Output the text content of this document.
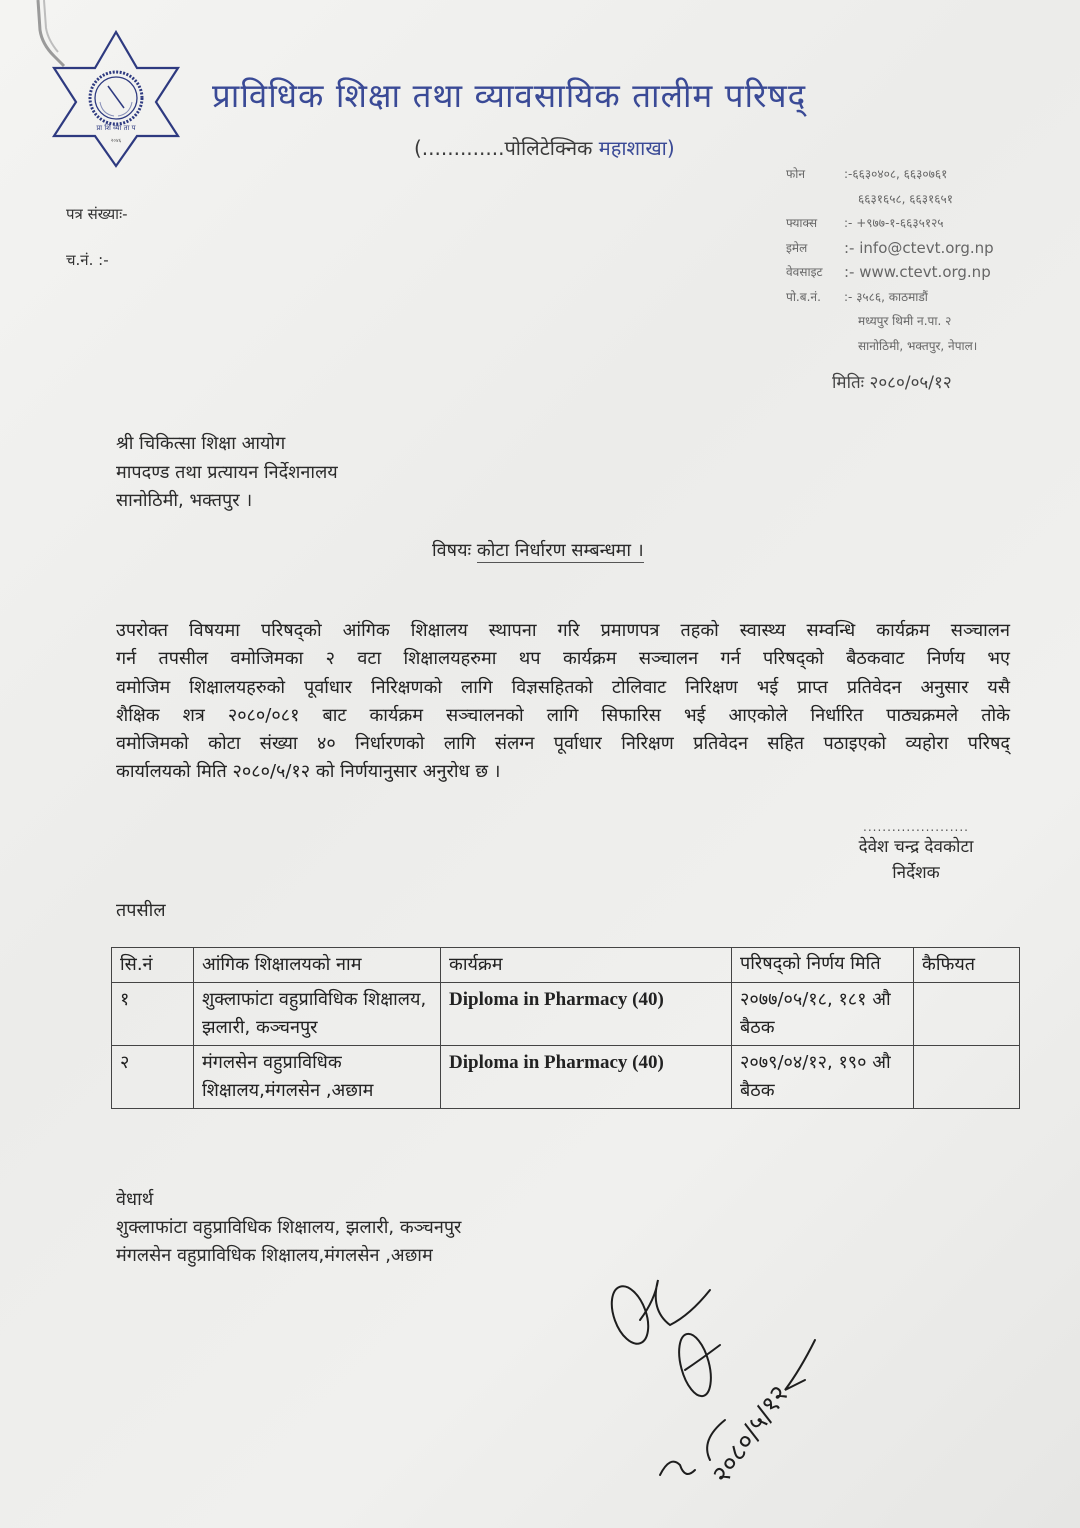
प्रा शि व्या ता प
२०४६
प्राविधिक शिक्षा तथा व्यावसायिक तालीम परिषद्
(.............पोलिटेक्निक महाशाखा)
पत्र संख्याः-
च.नं. :-
फोन	:-६६३०४०८, ६६३०७६१
६६३१६५८, ६६३१६५१
फ्याक्स	:- +९७७-१-६६३५१२५
इमेल	:- info@ctevt.org.np
वेवसाइट	:- www.ctevt.org.np
पो.ब.नं.	:- ३५८६, काठमाडौं
मध्यपुर थिमी न.पा. २
सानोठिमी, भक्तपुर, नेपाल।
मितिः २०८०/०५/१२
श्री चिकित्सा शिक्षा आयोग
मापदण्ड तथा प्रत्यायन निर्देशनालय
सानोठिमी, भक्तपुर ।
विषयः कोटा निर्धारण सम्बन्धमा ।

उपरोक्त विषयमा परिषद्को आंगिक शिक्षालय स्थापना गरि प्रमाणपत्र तहको स्वास्थ्य सम्वन्धि कार्यक्रम सञ्चालन

गर्न तपसील वमोजिमका २ वटा शिक्षालयहरुमा थप कार्यक्रम सञ्चालन गर्न परिषद्को बैठकवाट निर्णय भए

वमोजिम शिक्षालयहरुको पूर्वाधार निरिक्षणको लागि विज्ञसहितको टोलिवाट निरिक्षण भई प्राप्त प्रतिवेदन अनुसार यसै

शैक्षिक शत्र २०८०/०८१ बाट कार्यक्रम सञ्चालनको लागि सिफारिस भई आएकोले निर्धारित पाठ्यक्रमले तोके

वमोजिमको कोटा संख्या ४० निर्धारणको लागि संलग्न पूर्वाधार निरिक्षण प्रतिवेदन सहित पठाइएको व्यहोरा परिषद्

कार्यालयको मिति २०८०/५/१२ को निर्णयानुसार अनुरोध छ ।

......................
देवेश चन्द्र देवकोटा
निर्देशक
तपसील
सि.नं	आंगिक शिक्षालयको नाम	कार्यक्रम	परिषद्को निर्णय मिति	कैफियत
१	शुक्लाफांटा वहुप्राविधिक शिक्षालय, झलारी, कञ्चनपुर	Diploma in Pharmacy (40)	२०७७/०५/१८, १८१ औ बैठक	
२	मंगलसेन वहुप्राविधिक शिक्षालय,मंगलसेन ,अछाम	Diploma in Pharmacy (40)	२०७९/०४/१२, १९० औ बैठक	
वेधार्थ
शुक्लाफांटा वहुप्राविधिक शिक्षालय, झलारी, कञ्चनपुर
मंगलसेन वहुप्राविधिक शिक्षालय,मंगलसेन ,अछाम
२०८०/५/१२
